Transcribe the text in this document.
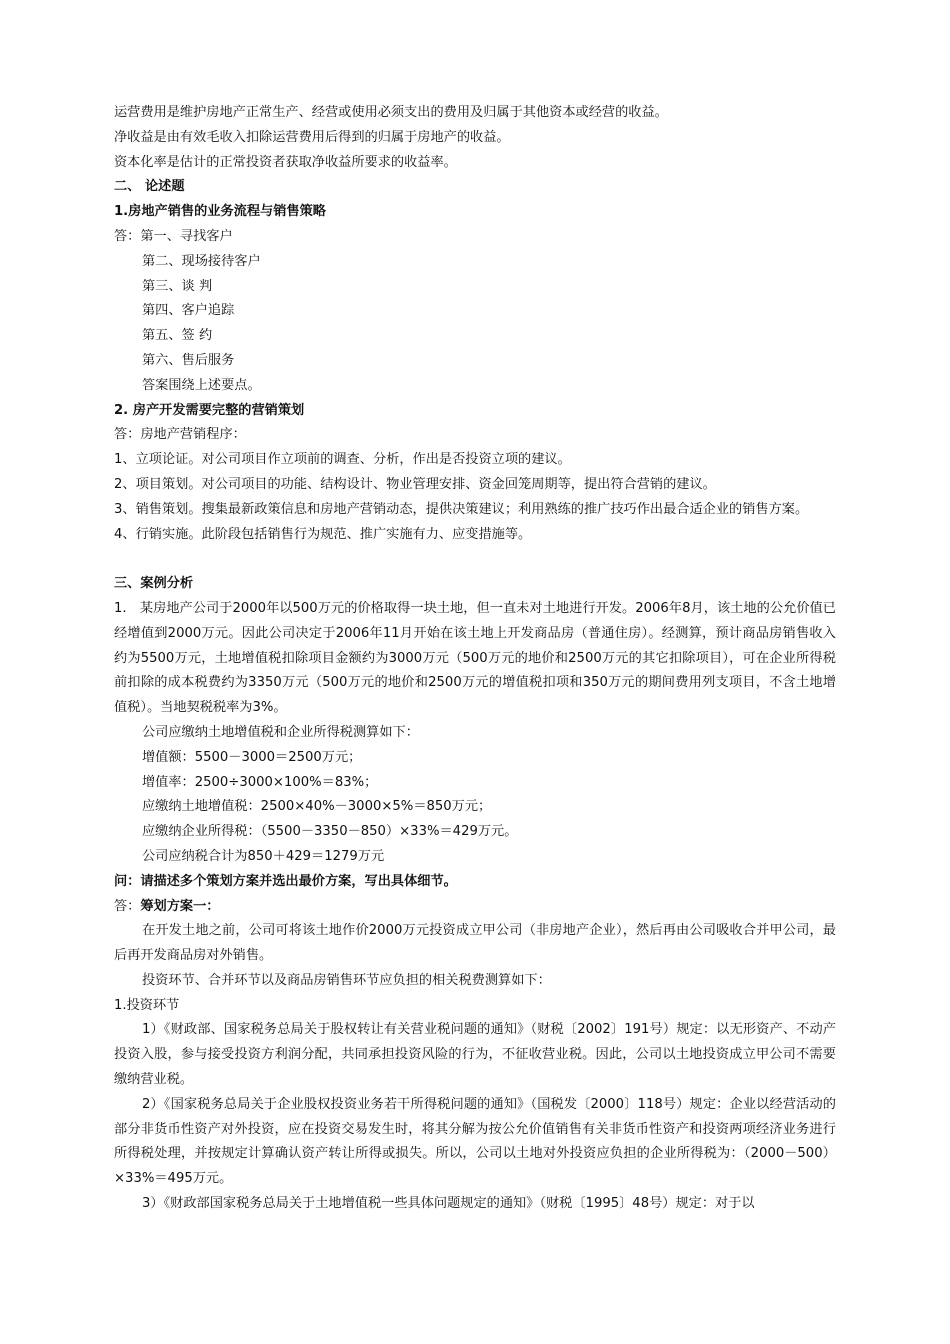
运营费用是维护房地产正常生产、经营或使用必须支出的费用及归属于其他资本或经营的收益。

净收益是由有效毛收入扣除运营费用后得到的归属于房地产的收益。

资本化率是估计的正常投资者获取净收益所要求的收益率。

二、 论述题

1.房地产销售的业务流程与销售策略

答：第一、寻找客户

第二、现场接待客户

第三、谈 判

第四、客户追踪

第五、签 约

第六、售后服务

答案围绕上述要点。

2. 房产开发需要完整的营销策划

答：房地产营销程序：

1、立项论证。对公司项目作立项前的调查、分析，作出是否投资立项的建议。

2、项目策划。对公司项目的功能、结构设计、物业管理安排、资金回笼周期等，提出符合营销的建议。

3、销售策划。搜集最新政策信息和房地产营销动态，提供决策建议；利用熟练的推广技巧作出最合适企业的销售方案。

4、行销实施。此阶段包括销售行为规范、推广实施有力、应变措施等。

三、案例分析

1.　某房地产公司于2000年以500万元的价格取得一块土地，但一直未对土地进行开发。2006年8月，该土地的公允价值已经增值到2000万元。因此公司决定于2006年11月开始在该土地上开发商品房（普通住房）。经测算，预计商品房销售收入约为5500万元，土地增值税扣除项目金额约为3000万元（500万元的地价和2500万元的其它扣除项目），可在企业所得税前扣除的成本税费约为3350万元（500万元的地价和2500万元的增值税扣项和350万元的期间费用列支项目，不含土地增值税）。当地契税税率为3%。

公司应缴纳土地增值税和企业所得税测算如下：

增值额：5500－3000＝2500万元；

增值率：2500÷3000×100%＝83%；

应缴纳土地增值税：2500×40%－3000×5%＝850万元；

应缴纳企业所得税：（5500－3350－850）×33%＝429万元。

公司应纳税合计为850＋429＝1279万元

问：请描述多个策划方案并选出最价方案，写出具体细节。

答：筹划方案一：

在开发土地之前，公司可将该土地作价2000万元投资成立甲公司（非房地产企业），然后再由公司吸收合并甲公司，最后再开发商品房对外销售。

投资环节、合并环节以及商品房销售环节应负担的相关税费测算如下：

1.投资环节

1）《财政部、国家税务总局关于股权转让有关营业税问题的通知》（财税〔2002〕191号）规定：以无形资产、不动产投资入股，参与接受投资方利润分配，共同承担投资风险的行为，不征收营业税。因此，公司以土地投资成立甲公司不需要缴纳营业税。

2）《国家税务总局关于企业股权投资业务若干所得税问题的通知》（国税发〔2000〕118号）规定：企业以经营活动的部分非货币性资产对外投资，应在投资交易发生时，将其分解为按公允价值销售有关非货币性资产和投资两项经济业务进行所得税处理，并按规定计算确认资产转让所得或损失。所以，公司以土地对外投资应负担的企业所得税为：（2000－500）×33%＝495万元。

3）《财政部国家税务总局关于土地增值税一些具体问题规定的通知》（财税〔1995〕48号）规定：对于以
